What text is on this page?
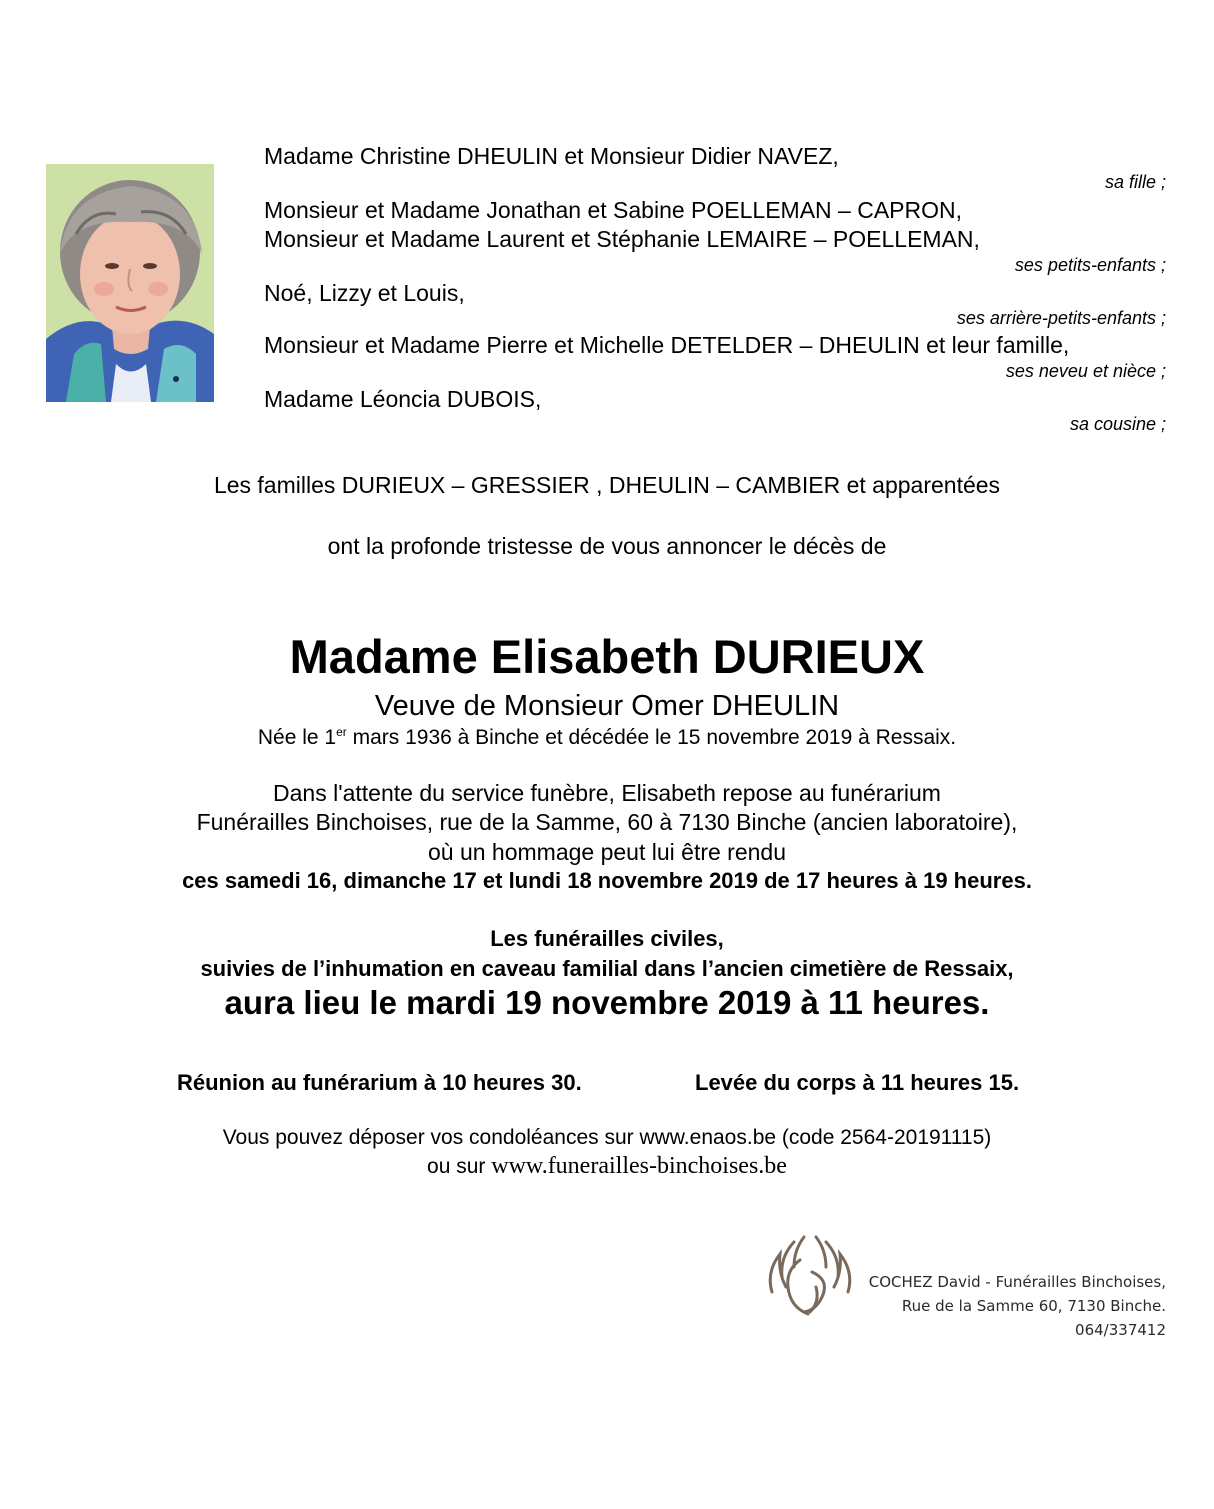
Madame Christine DHEULIN et Monsieur Didier NAVEZ,
sa fille ;
Monsieur et Madame Jonathan et Sabine POELLEMAN – CAPRON,
Monsieur et Madame Laurent et Stéphanie LEMAIRE – POELLEMAN,
ses petits-enfants ;
Noé, Lizzy et Louis,
ses arrière-petits-enfants ;
Monsieur et Madame Pierre et Michelle DETELDER – DHEULIN et leur famille,
ses neveu et nièce ;
Madame Léoncia DUBOIS,
sa cousine ;
Les familles DURIEUX – GRESSIER , DHEULIN – CAMBIER et apparentées
ont la profonde tristesse de vous annoncer le décès de
Madame Elisabeth DURIEUX
Veuve de Monsieur Omer DHEULIN
Née le 1er mars 1936 à Binche et décédée le 15 novembre 2019 à Ressaix.
Dans l'attente du service funèbre, Elisabeth repose au funérarium
Funérailles Binchoises, rue de la Samme, 60 à 7130 Binche (ancien laboratoire),
où un hommage peut lui être rendu
ces samedi 16, dimanche 17 et lundi 18 novembre 2019 de 17 heures à 19 heures.
Les funérailles civiles,
suivies de l’inhumation en caveau familial dans l’ancien cimetière de Ressaix,
aura lieu le mardi 19 novembre 2019 à 11 heures.
Réunion au funérarium à 10 heures 30.	Levée du corps à 11 heures 15.
Vous pouvez déposer vos condoléances sur www.enaos.be (code 2564-20191115)
ou sur www.funerailles-binchoises.be
COCHEZ David - Funérailles Binchoises,
Rue de la Samme 60, 7130 Binche.
064/337412
